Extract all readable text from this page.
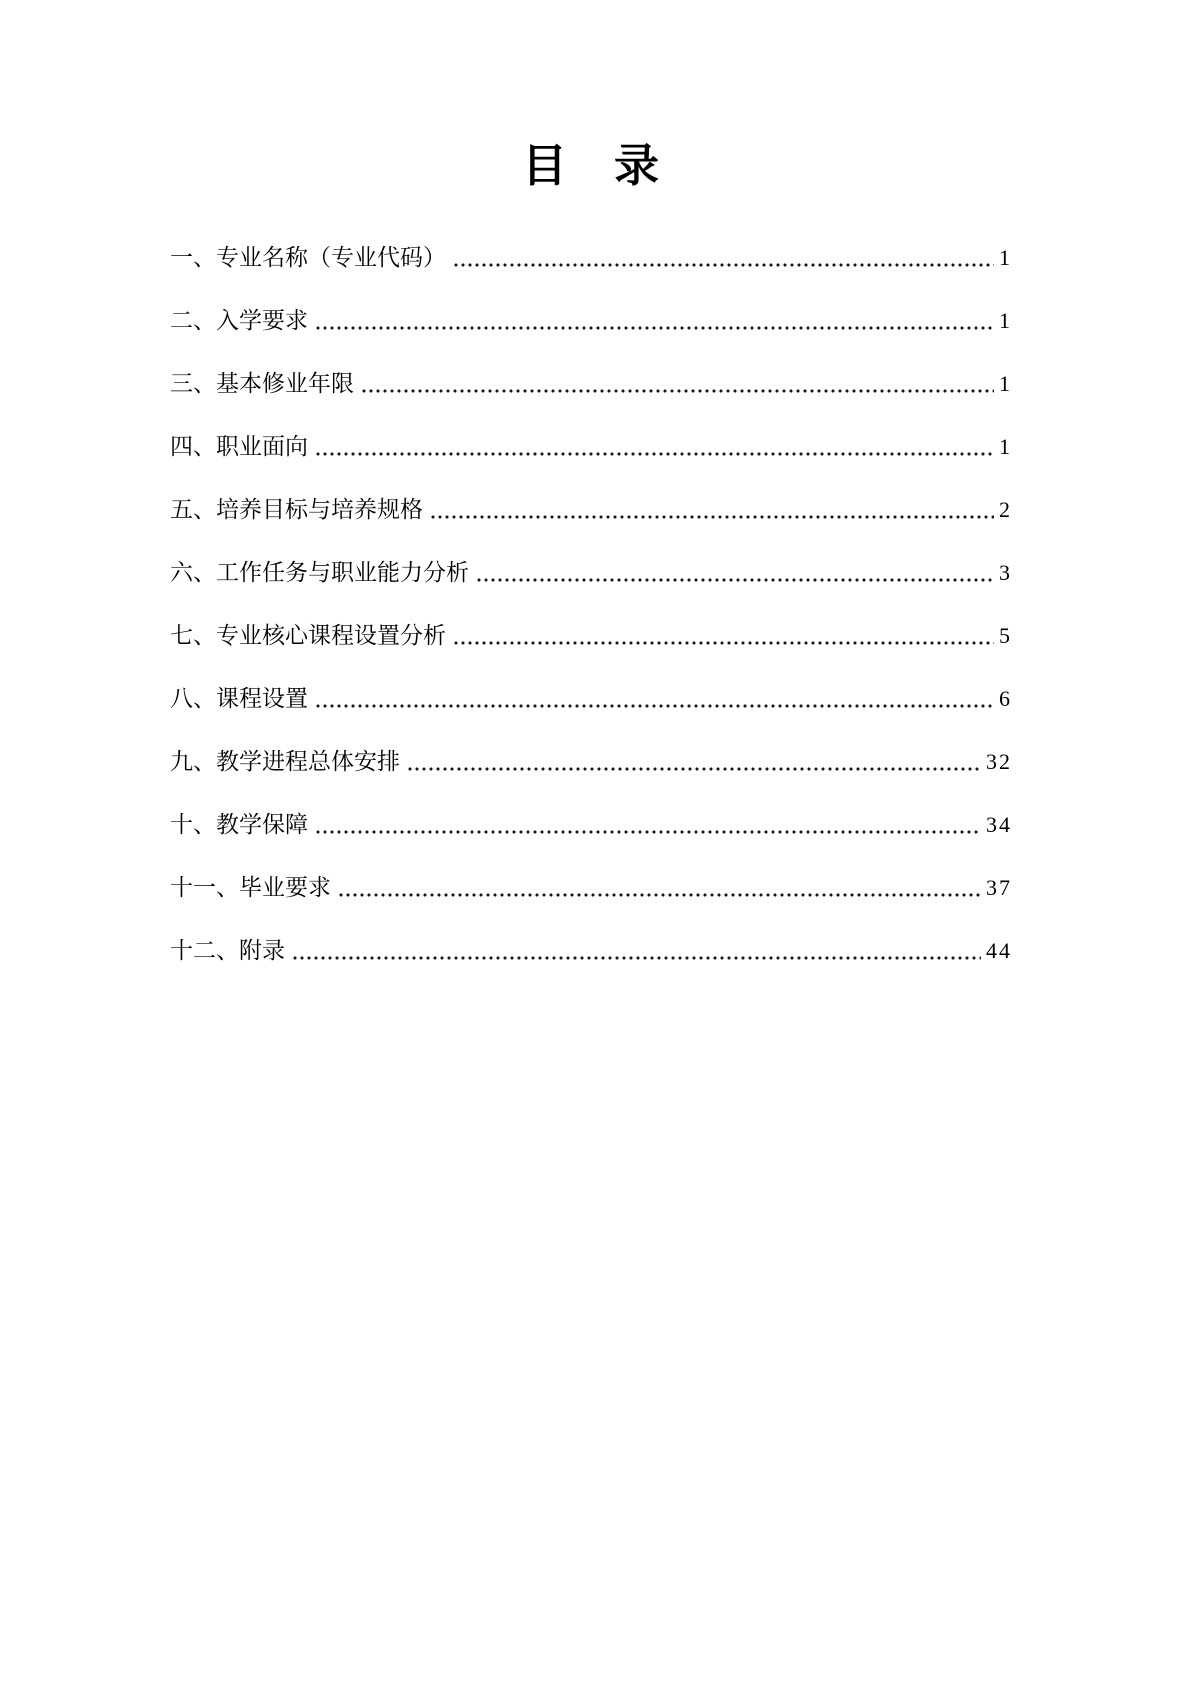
目　录
一、专业名称（专业代码）	1
二、入学要求	1
三、基本修业年限	1
四、职业面向	1
五、培养目标与培养规格	2
六、工作任务与职业能力分析	3
七、专业核心课程设置分析	5
八、课程设置	6
九、教学进程总体安排	32
十、教学保障	34
十一、毕业要求	37
十二、附录	44
